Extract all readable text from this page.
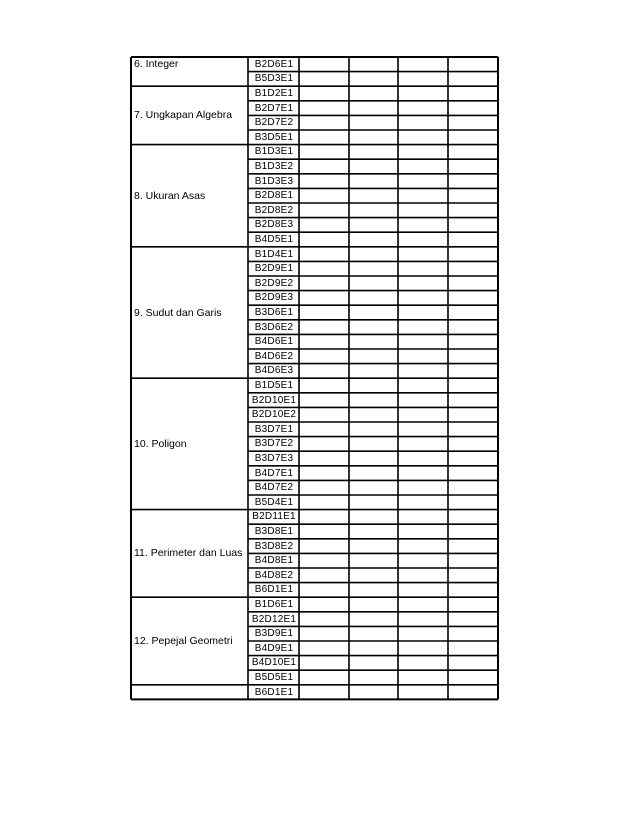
B2D6E1
B5D3E1
6. Integer
B1D2E1
B2D7E1
B2D7E2
B3D5E1
7. Ungkapan Algebra
B1D3E1
B1D3E2
B1D3E3
B2D8E1
B2D8E2
B2D8E3
B4D5E1
8. Ukuran Asas
B1D4E1
B2D9E1
B2D9E2
B2D9E3
B3D6E1
B3D6E2
B4D6E1
B4D6E2
B4D6E3
9. Sudut dan Garis
B1D5E1
B2D10E1
B2D10E2
B3D7E1
B3D7E2
B3D7E3
B4D7E1
B4D7E2
B5D4E1
10. Poligon
B2D11E1
B3D8E1
B3D8E2
B4D8E1
B4D8E2
B6D1E1
11. Perimeter dan Luas
B1D6E1
B2D12E1
B3D9E1
B4D9E1
B4D10E1
B5D5E1
12. Pepejal Geometri
B6D1E1
